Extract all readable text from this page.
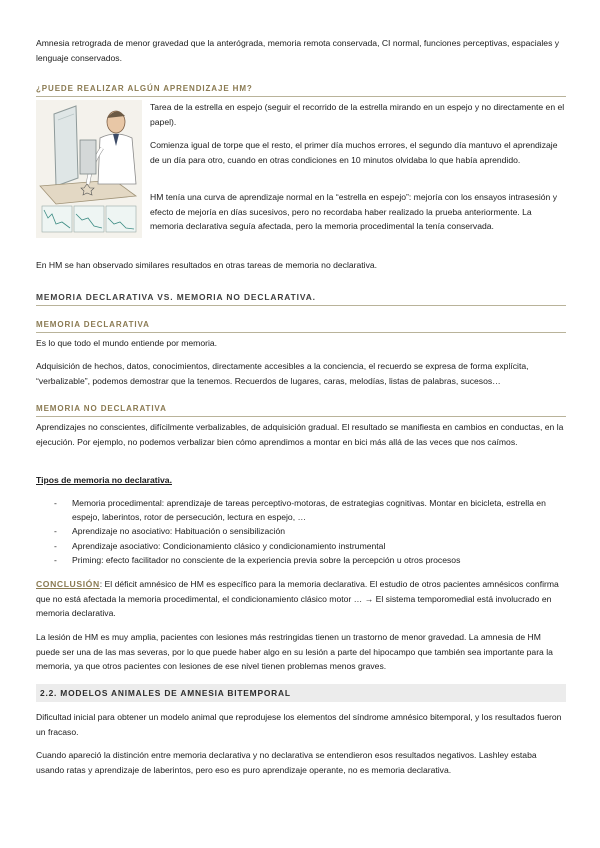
Amnesia retrograda de menor gravedad que la anterógrada, memoria remota conservada, CI normal, funciones perceptivas, espaciales y lenguaje conservados.

¿PUEDE REALIZAR ALGÚN APRENDIZAJE HM?

Tarea de la estrella en espejo (seguir el recorrido de la estrella mirando en un espejo y no directamente en el papel).

Comienza igual de torpe que el resto, el primer día muchos errores, el segundo día mantuvo el aprendizaje de un día para otro, cuando en otras condiciones en 10 minutos olvidaba lo que había aprendido.

HM tenía una curva de aprendizaje normal en la “estrella en espejo”: mejoría con los ensayos intrasesión y efecto de mejoría en días sucesivos, pero no recordaba haber realizado la prueba anteriormente. La memoria declarativa seguía afectada, pero la memoria procedimental la tenía conservada.

En HM se han observado similares resultados en otras tareas de memoria no declarativa.

MEMORIA DECLARATIVA VS. MEMORIA NO DECLARATIVA.
MEMORIA DECLARATIVA

Es lo que todo el mundo entiende por memoria.

Adquisición de hechos, datos, conocimientos, directamente accesibles a la conciencia, el recuerdo se expresa de forma explícita, “verbalizable”, podemos demostrar que la tenemos. Recuerdos de lugares, caras, melodías, listas de palabras, sucesos…

MEMORIA NO DECLARATIVA

Aprendizajes no conscientes, difícilmente verbalizables, de adquisición gradual. El resultado se manifiesta en cambios en conductas, en la ejecución. Por ejemplo, no podemos verbalizar bien cómo aprendimos a montar en bici más allá de las veces que nos caímos.

Tipos de memoria no declarativa.

- Memoria procedimental: aprendizaje de tareas perceptivo-motoras, de estrategias cognitivas. Montar en bicicleta, estrella en espejo, laberintos, rotor de persecución, lectura en espejo, …
- Aprendizaje no asociativo: Habituación o sensibilización
- Aprendizaje asociativo: Condicionamiento clásico y condicionamiento instrumental
- Priming: efecto facilitador no consciente de la experiencia previa sobre la percepción u otros procesos

CONCLUSIÓN: El déficit amnésico de HM es específico para la memoria declarativa. El estudio de otros pacientes amnésicos confirma que no está afectada la memoria procedimental, el condicionamiento clásico motor … → El sistema temporomedial está involucrado en memoria declarativa.

La lesión de HM es muy amplia, pacientes con lesiones más restringidas tienen un trastorno de menor gravedad. La amnesia de HM puede ser una de las mas severas, por lo que puede haber algo en su lesión a parte del hipocampo que también sea importante para la memoria, ya que otros pacientes con lesiones de ese nivel tienen problemas menos graves.

2.2. MODELOS ANIMALES DE AMNESIA BITEMPORAL

Dificultad inicial para obtener un modelo animal que reprodujese los elementos del síndrome amnésico bitemporal, y los resultados fueron un fracaso.

Cuando apareció la distinción entre memoria declarativa y no declarativa se entendieron esos resultados negativos. Lashley estaba usando ratas y aprendizaje de laberintos, pero eso es puro aprendizaje operante, no es memoria declarativa.
